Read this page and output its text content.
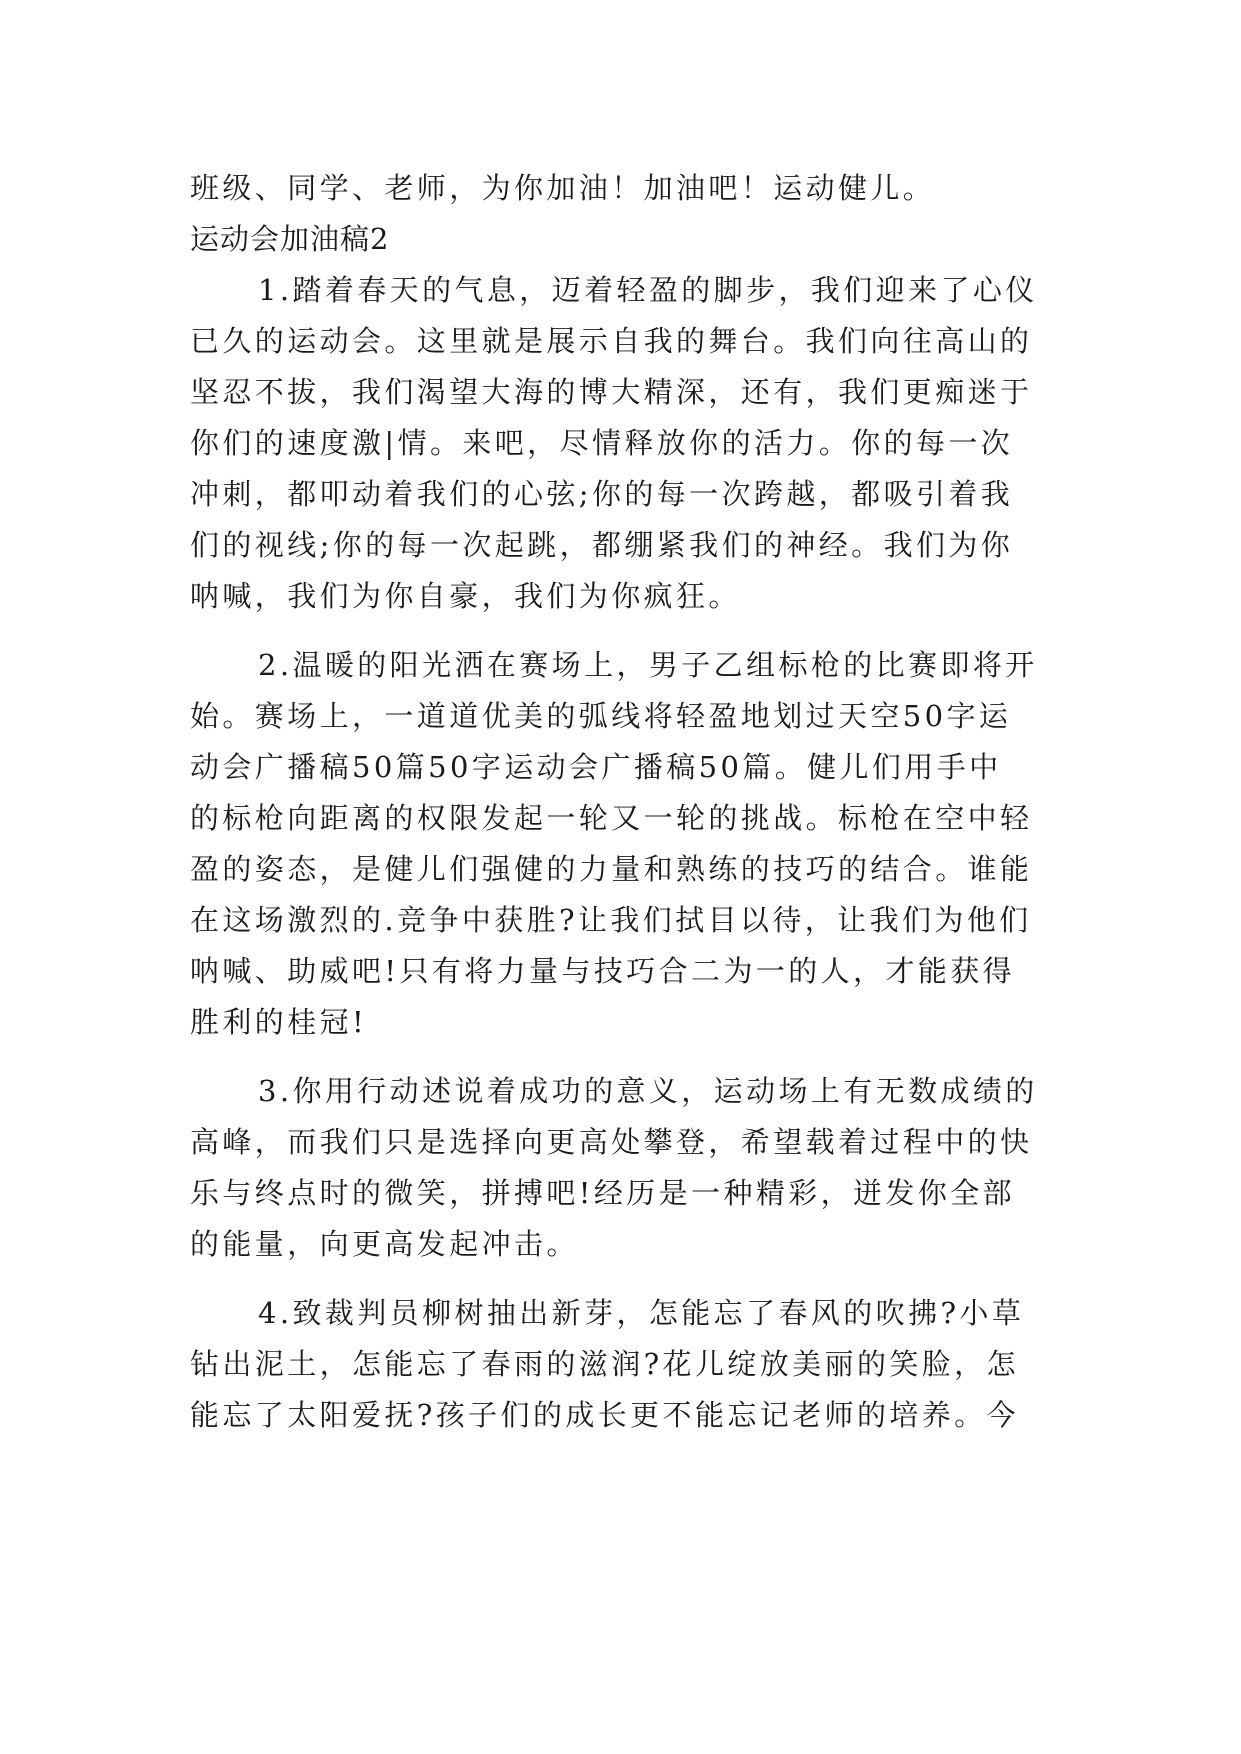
班级、同学、老师，为你加油！加油吧！运动健儿。
运动会加油稿2
1.踏着春天的气息，迈着轻盈的脚步，我们迎来了心仪
已久的运动会。这里就是展示自我的舞台。我们向往高山的
坚忍不拔，我们渴望大海的博大精深，还有，我们更痴迷于
你们的速度激|情。来吧，尽情释放你的活力。你的每一次
冲刺，都叩动着我们的心弦;你的每一次跨越，都吸引着我
们的视线;你的每一次起跳，都绷紧我们的神经。我们为你
呐喊，我们为你自豪，我们为你疯狂。
2.温暖的阳光洒在赛场上，男子乙组标枪的比赛即将开
始。赛场上，一道道优美的弧线将轻盈地划过天空50字运
动会广播稿50篇50字运动会广播稿50篇。健儿们用手中
的标枪向距离的权限发起一轮又一轮的挑战。标枪在空中轻
盈的姿态，是健儿们强健的力量和熟练的技巧的结合。谁能
在这场激烈的.竞争中获胜?让我们拭目以待，让我们为他们
呐喊、助威吧!只有将力量与技巧合二为一的人，才能获得
胜利的桂冠!
3.你用行动述说着成功的意义，运动场上有无数成绩的
高峰，而我们只是选择向更高处攀登，希望载着过程中的快
乐与终点时的微笑，拼搏吧!经历是一种精彩，迸发你全部
的能量，向更高发起冲击。
4.致裁判员柳树抽出新芽，怎能忘了春风的吹拂?小草
钻出泥土，怎能忘了春雨的滋润?花儿绽放美丽的笑脸，怎
能忘了太阳爱抚?孩子们的成长更不能忘记老师的培养。今
